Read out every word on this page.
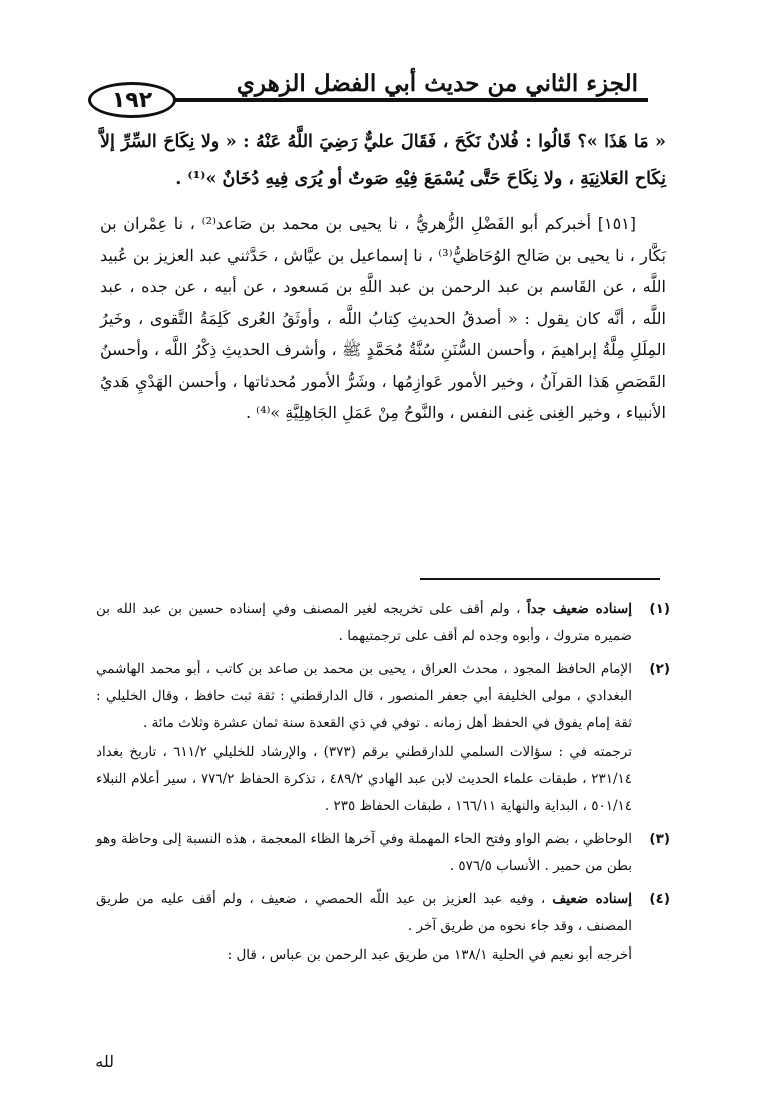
الجزء الثاني من حديث أبي الفضل الزهري
١٩٢

« مَا هَذَا »؟ قَالُوا : فُلانٌ نَكَحَ ، فَقَالَ عليٌّ رَضِيَ اللَّهُ عَنْهُ : « ولا نِكَاحَ السِّرِّ إلاَّ نِكَاح العَلانِيَةِ ، ولا نِكَاحَ حَتَّى يُسْمَعَ فِيْهِ صَوتٌ أو يُرَى فِيهِ دُخَانٌ »⁽¹⁾ .

[١٥١] أخبركم أبو الفَضْلِ الزُّهريُّ ، نا يحيى بن محمد بن صَاعد⁽²⁾ ، نا عِمْران بن بَكَّار ، نا يحيى بن صَالح الوُحَاظيُّ⁽³⁾ ، نا إسماعيل بن عيَّاش ، حَدَّثني عبد العزيز بن عُبيد اللَّه ، عن القَاسم بن عبد الرحمن بن عبد اللَّهِ بن مَسعود ، عن أبيه ، عن جده ، عبد اللَّه ، أنَّه كان يقول : « أصدقُ الحديثِ كِتابُ اللَّه ، وأوثَقُ العُرى كَلِمَةُ التَّقوى ، وخَيرُ المِلَلِ مِلَّةُ إبراهيمَ ، وأحسن السُّنَنِ سُنَّةُ مُحَمَّدٍ ﷺ ، وأشرف الحديثِ ذِكْرُ اللَّه ، وأحسنُ القَصَصِ هَذا القرآنُ ، وخير الأمور عَوازِمُها ، وشَرُّ الأمور مُحدثاتها ، وأحسن الهَدْيِ هَديُ الأنبياء ، وخير الغِنى غِنى النفس ، والنَّوحُ مِنْ عَمَلِ الجَاهِلِيَّةِ »⁽⁴⁾ .

(١)

إسناده ضعيف جداً ، ولم أقف على تخريجه لغير المصنف وفي إسناده حسين بن عبد الله بن ضميره متروك ، وأبوه وجده لم أقف على ترجمتيهما .

(٢)

الإمام الحافظ المجود ، محدث العراق ، يحيى بن محمد بن صاعد بن كاتب ، أبو محمد الهاشمي البغدادي ، مولى الخليفة أبي جعفر المنصور ، قال الدارقطني : ثقة ثبت حافظ ، وقال الخليلي : ثقة إمام يفوق في الحفظ أهل زمانه . توفي في ذي القعدة سنة ثمان عشرة وثلاث مائة .

ترجمته في : سؤالات السلمي للدارقطني برقم (٣٧٣) ، والإرشاد للخليلي ٦١١/٢ ، تاريخ بغداد ٢٣١/١٤ ، طبقات علماء الحديث لابن عبد الهادي ٤٨٩/٢ ، تذكرة الحفاظ ٧٧٦/٢ ، سير أعلام النبلاء ٥٠١/١٤ ، البداية والنهاية ١٦٦/١١ ، طبقات الحفاظ ٢٣٥ .

(٣)

الوحاظي ، بضم الواو وفتح الحاء المهملة وفي آخرها الظاء المعجمة ، هذه النسبة إلى وحاظة وهو بطن من حمير . الأنساب ٥٧٦/٥ .

(٤)

إسناده ضعيف ، وفيه عبد العزيز بن عبد اللّه الحمصي ، ضعيف ، ولم أقف عليه من طريق المصنف ، وقد جاء نحوه من طريق آخر .

أخرجه أبو نعيم في الحلية ١٣٨/١ من طريق عبد الرحمن بن عباس ، قال :

لله
